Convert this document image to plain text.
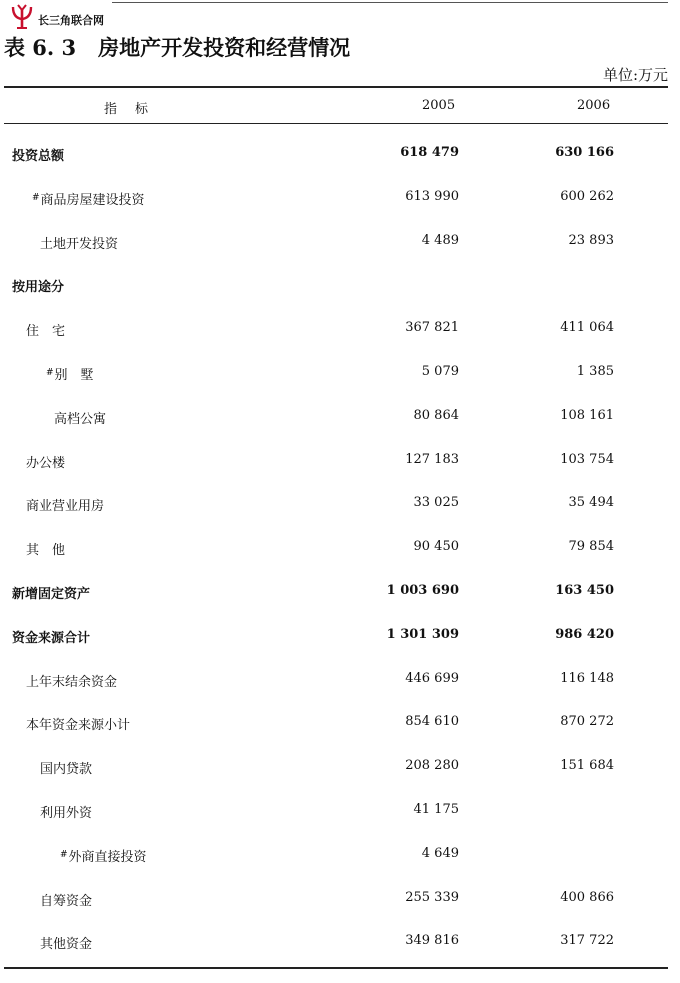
长三角联合网
表 6. 3 房地产开发投资和经营情况
单位:万元
指标	2005	2006
投资总额	618 479	630 166
#商品房屋建设投资	613 990	600 262
土地开发投资	4 489	23 893
按用途分
住　宅	367 821	411 064
#别　墅	5 079	1 385
高档公寓	80 864	108 161
办公楼	127 183	103 754
商业营业用房	33 025	35 494
其　他	90 450	79 854
新增固定资产	1 003 690	163 450
资金来源合计	1 301 309	986 420
上年末结余资金	446 699	116 148
本年资金来源小计	854 610	870 272
国内贷款	208 280	151 684
利用外资	41 175
#外商直接投资	4 649
自筹资金	255 339	400 866
其他资金	349 816	317 722
